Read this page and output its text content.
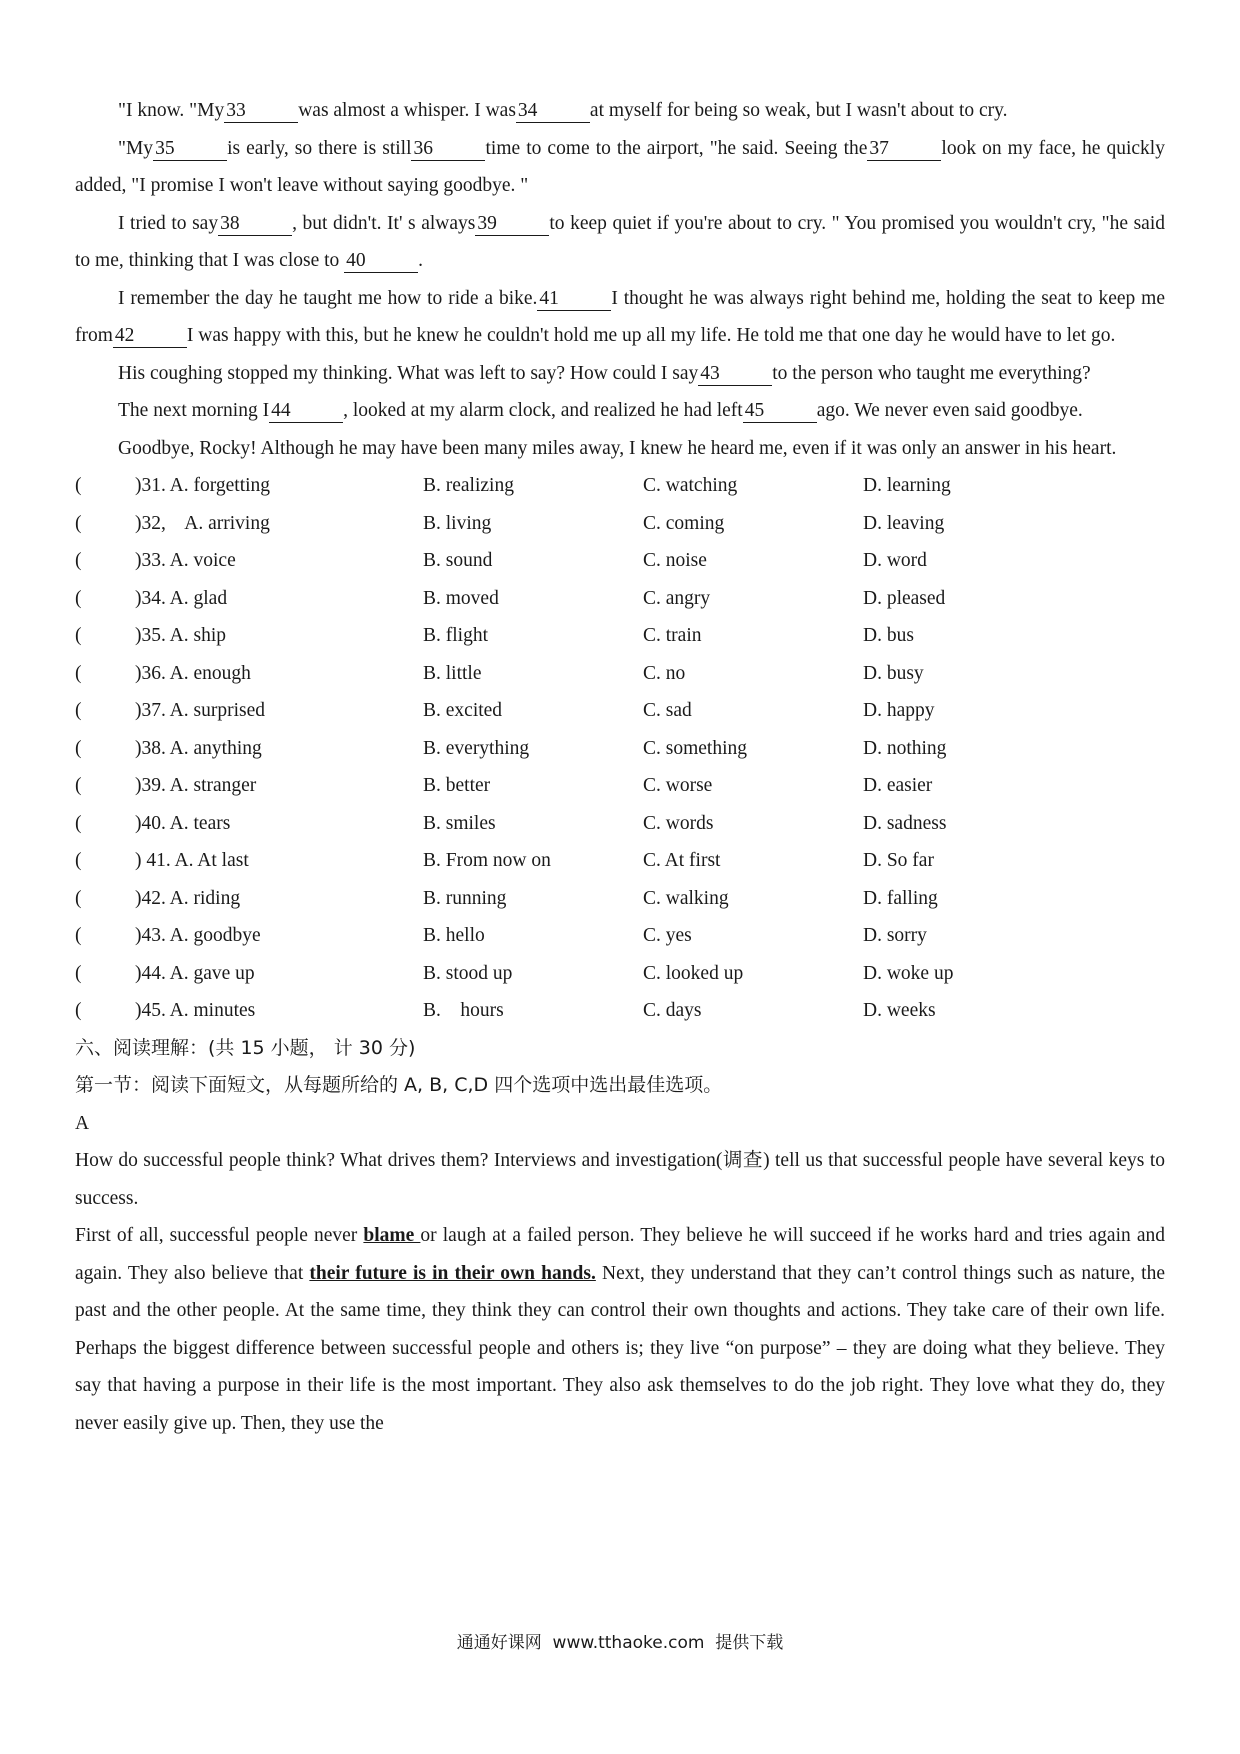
"I know. "My 33	was almost a whisper. I was 34	at myself for being so weak, but I wasn't about to cry.

"My 35	is early, so there is still 36	time to come to the airport, "he said. Seeing the 37	look on my face, he quickly added, "I promise I won't leave without saying goodbye. "

I tried to say 38	, but didn't. It' s always 39	to keep quiet if you're about to cry. " You promised you wouldn't cry, "he said to me, thinking that I was close to 40	.

I remember the day he taught me how to ride a bike. 41	I thought he was always right behind me, holding the seat to keep me from 42	I was happy with this, but he knew he couldn't hold me up all my life. He told me that one day he would have to let go.

His coughing stopped my thinking. What was left to say? How could I say 43	to the person who taught me everything?

The next morning I 44	, looked at my alarm clock, and realized he had left 45	ago. We never even said goodbye.

Goodbye, Rocky! Although he may have been many miles away, I knew he heard me, even if it was only an answer in his heart.

(	)31. A. forgetting	B. realizing	C. watching	D. learning
(	)32,    A. arriving	B. living	C. coming	D. leaving
(	)33. A. voice	B. sound	C. noise	D. word
(	)34. A. glad	B. moved	C. angry	D. pleased
(	)35. A. ship	B. flight	C. train	D. bus
(	)36. A. enough	B. little	C. no	D. busy
(	)37. A. surprised	B. excited	C. sad	D. happy
(	)38. A. anything	B. everything	C. something	D. nothing
(	)39. A. stranger	B. better	C. worse	D. easier
(	)40. A. tears	B. smiles	C. words	D. sadness
(	) 41. A. At last	B. From now on	C. At first	D. So far
(	)42. A. riding	B. running	C. walking	D. falling
(	)43. A. goodbye	B. hello	C. yes	D. sorry
(	)44. A. gave up	B. stood up	C. looked up	D. woke up
(	)45. A. minutes	B.    hours	C. days	D. weeks

六、阅读理解：(共 15 小题， 计 30 分)

第一节：阅读下面短文，从每题所给的 A, B, C,D 四个选项中选出最佳选项。

A

How do successful people think? What drives them? Interviews and investigation(调查) tell us that successful people have several keys to success.

First of all, successful people never blame or laugh at a failed person. They believe he will succeed if he works hard and tries again and again. They also believe that their future is in their own hands. Next, they understand that they can’t control things such as nature, the past and the other people. At the same time, they think they can control their own thoughts and actions. They take care of their own life. Perhaps the biggest difference between successful people and others is; they live “on purpose” – they are doing what they believe. They say that having a purpose in their life is the most important. They also ask themselves to do the job right. They love what they do, they never easily give up. Then, they use the

通通好课网  www.tthaoke.com  提供下载
